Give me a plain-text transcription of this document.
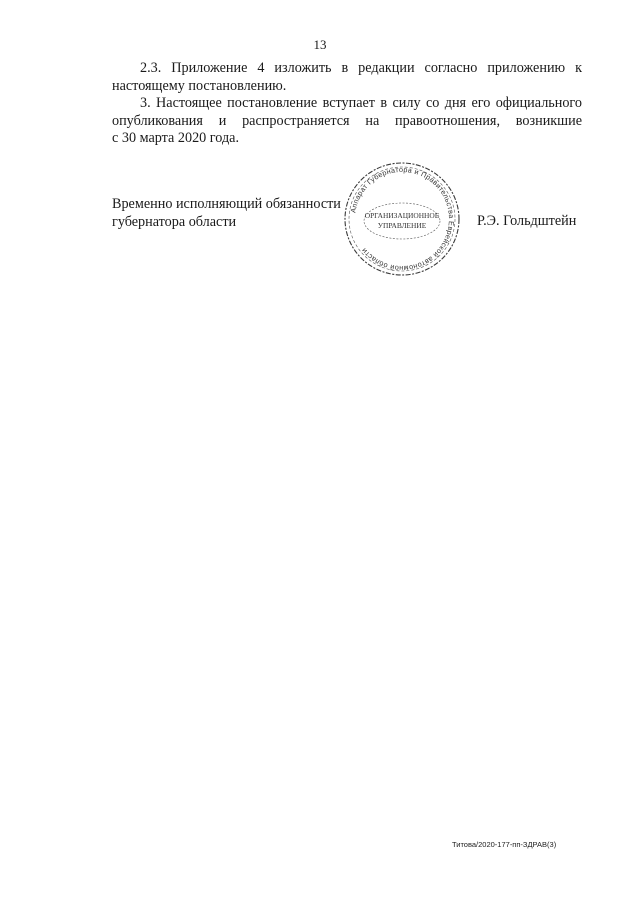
13

2.3. Приложение 4 изложить в редакции согласно приложению к настоящему постановлению.

3. Настоящее постановление вступает в силу со дня его официального
опубликования и распространяется на правоотношения, возникшие
с 30 марта 2020 года.
Временно исполняющий обязанности
губернатора области
Аппарат Губернатора и Правительства Еврейской автономной области
ОРГАНИЗАЦИОННОЕ
УПРАВЛЕНИЕ	Р.Э. Гольдштейн
Титова/2020-177-пп-ЗДРАВ(3)
